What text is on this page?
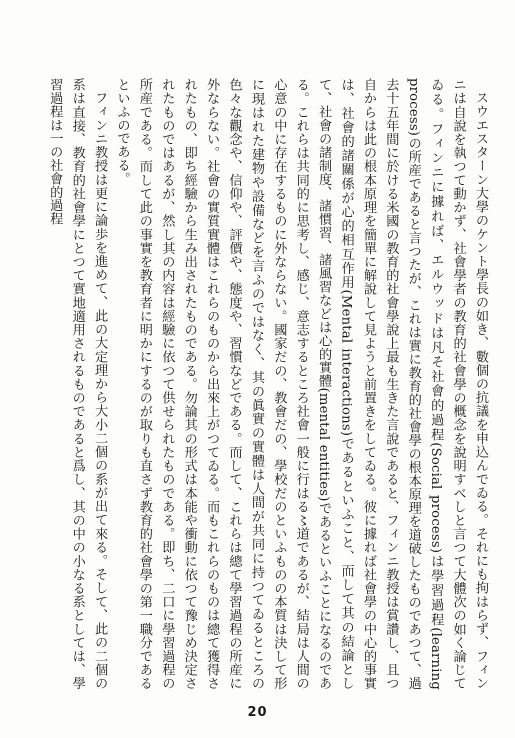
スウエスターン大學のケント學長の如き、數個の抗議を申込んでゐる。それにも拘はらず、フィンニは自說を執つて動かず、社會學者の教育的社會學の概念を說明すべしと言つて大體次の如く論じてゐる。フィンニに據れば、エルウッドは凡そ社會的過程(Social process)は學習過程(learning process)の所産であると言つたが、これは實に教育的社會學の根本原理を道破したものであつて、過去十五年間に於ける米國の教育的社會學說上最も生きた言說であると、フィンニ教授は賞讚し、且つ自からは此の根本原理を簡單に解說して見ようと前置きをしてゐる。彼に據れば社會學の中心的事實は、社會的諸關係が心的相互作用(Mental interactions)であるといふこと、而して其の結論として、社會の諸制度、諸慣習、諸風習などは心的實體(mental entities)であるといふことになるのである。これらは共同的に思考し、感じ、意志するところ社會一般に行はる〻道であるが、結局は人間の心意の中に存在するものに外ならない。國家だの、教會だの、學校だのといふものの本質は決して形に現はれた建物や設備などを言ふのではなく、其の眞實の實體は人間が共同に持つてゐるところの色々な觀念や、信仰や、評價や、態度や、習慣などである。而して、これらは總て學習過程の所産に外ならない。社會の實質實體はこれらのものから出來上がつてゐる。而もこれらのものは總て獲得されたもの、即ち經驗から生み出されたものである。勿論其の形式は本能や衝動に依つて豫じめ決定されたものではあるが、然し其の内容は經驗に依つて供せられたものである。即ち、二口に學習過程の所産である。而して此の事實を教育者に明かにするのが取りも直さず教育的社會學の第一職分であるといふのである。

フィンニ教授は更に論歩を進めて、此の大定理から大小二個の系が出て來る。そして、此の二個の系は直接、教育的社會學にとつて實地適用されるものであると爲し、其の中の小なる系としては、學習過程は一の社會的過程

20
